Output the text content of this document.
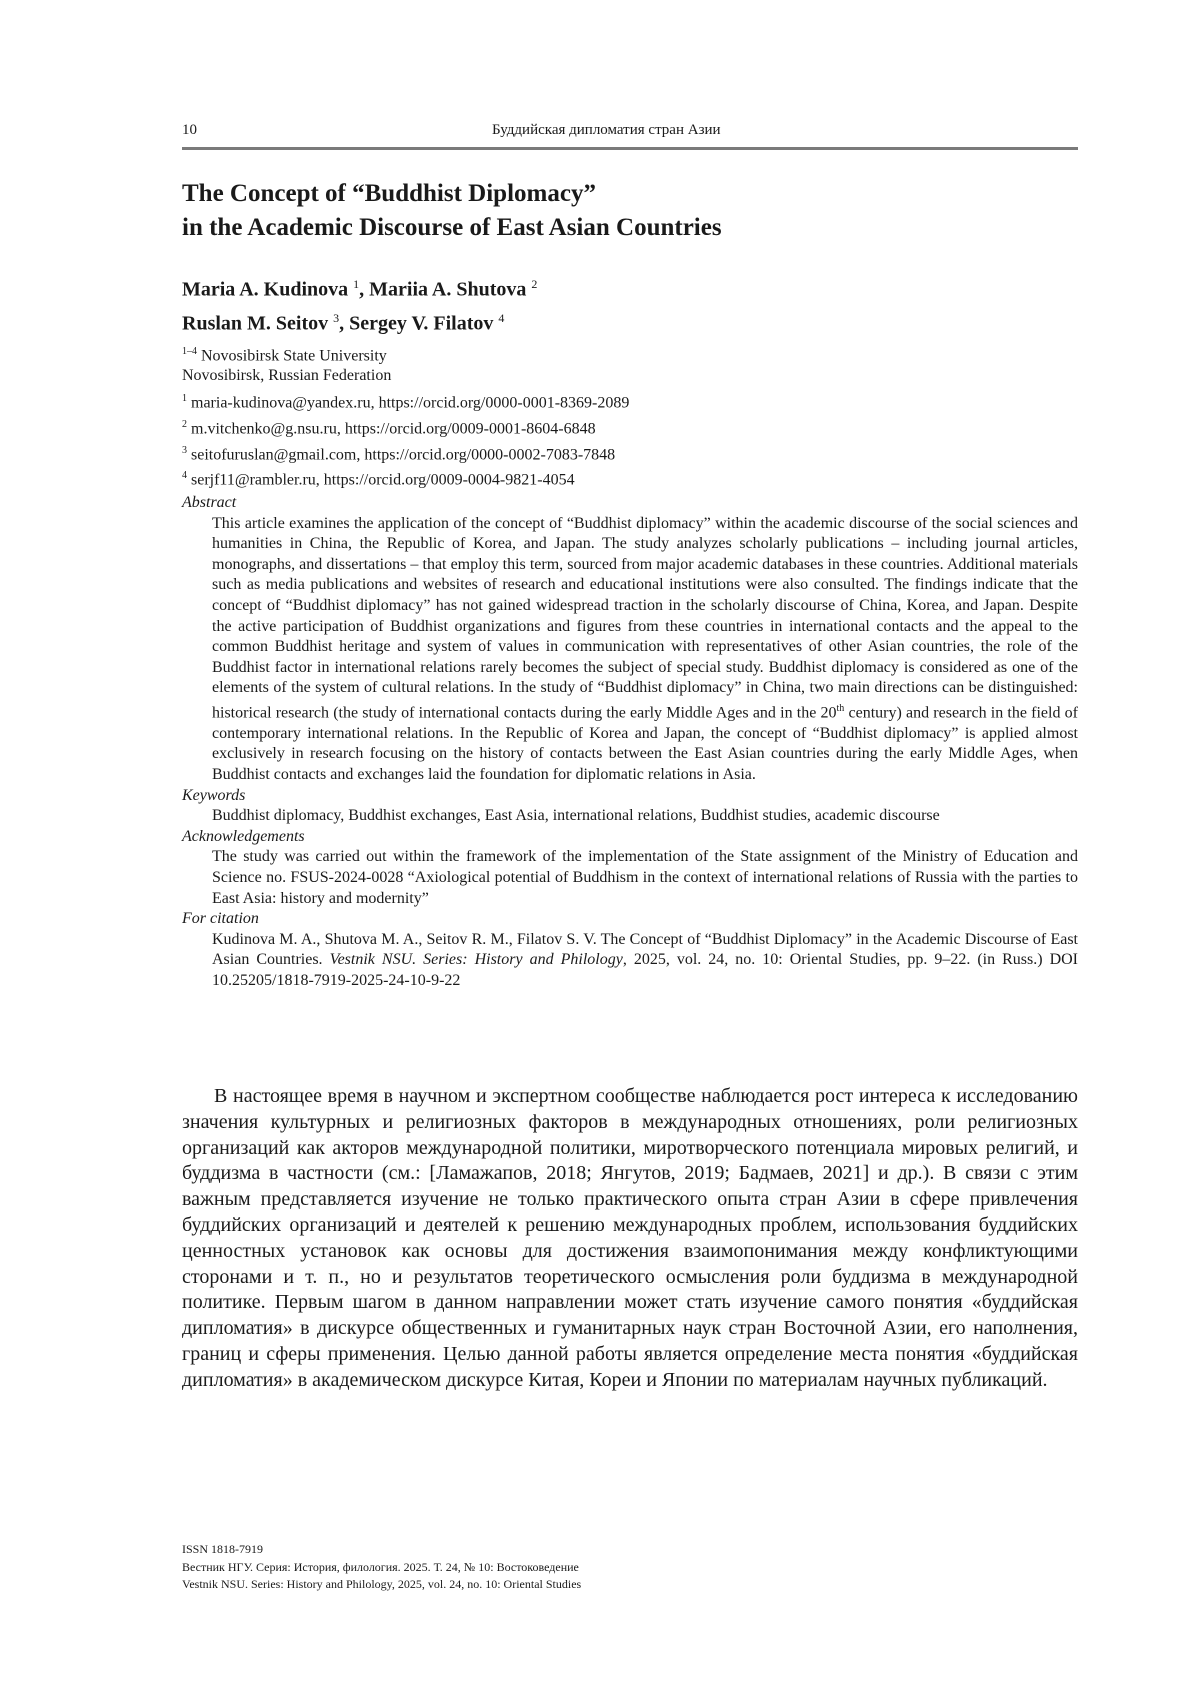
10	Буддийская дипломатия стран Азии
The Concept of “Buddhist Diplomacy”
in the Academic Discourse of East Asian Countries
Maria A. Kudinova $^1$, Mariia A. Shutova $^2$
Ruslan M. Seitov $^3$, Sergey V. Filatov $^4$
$^{1-4}$ Novosibirsk State University
Novosibirsk, Russian Federation
$^1$ maria-kudinova@yandex.ru, https://orcid.org/0000-0001-8369-2089
$^2$ m.vitchenko@g.nsu.ru, https://orcid.org/0009-0001-8604-6848
$^3$ seitofuruslan@gmail.com, https://orcid.org/0000-0002-7083-7848
$^4$ serjf11@rambler.ru, https://orcid.org/0009-0004-9821-4054
Abstract
This article examines the application of the concept of “Buddhist diplomacy” within the academic discourse of the social sciences and humanities in China, the Republic of Korea, and Japan. The study analyzes scholarly publications – including journal articles, monographs, and dissertations – that employ this term, sourced from major academic databases in these countries. Additional materials such as media publications and websites of research and educational institutions were also consulted. The findings indicate that the concept of “Buddhist diplomacy” has not gained widespread traction in the scholarly discourse of China, Korea, and Japan. Despite the active participation of Buddhist organizations and figures from these countries in international contacts and the appeal to the common Buddhist heritage and system of values in communication with representatives of other Asian countries, the role of the Buddhist factor in international relations rarely becomes the subject of special study. Buddhist diplomacy is considered as one of the elements of the system of cultural relations. In the study of “Buddhist diplomacy” in China, two main directions can be distinguished: historical research (the study of international contacts during the early Middle Ages and in the 20th century) and research in the field of contemporary international relations. In the Republic of Korea and Japan, the concept of “Buddhist diplomacy” is applied almost exclusively in research focusing on the history of contacts between the East Asian countries during the early Middle Ages, when Buddhist contacts and exchanges laid the foundation for diplomatic relations in Asia.
Keywords
Buddhist diplomacy, Buddhist exchanges, East Asia, international relations, Buddhist studies, academic discourse
Acknowledgements
The study was carried out within the framework of the implementation of the State assignment of the Ministry of Education and Science no. FSUS-2024-0028 “Axiological potential of Buddhism in the context of international relations of Russia with the parties to East Asia: history and modernity”
For citation
Kudinova M. A., Shutova M. A., Seitov R. M., Filatov S. V. The Concept of “Buddhist Diplomacy” in the Academic Discourse of East Asian Countries. Vestnik NSU. Series: History and Philology, 2025, vol. 24, no. 10: Oriental Studies, pp. 9–22. (in Russ.) DOI 10.25205/1818-7919-2025-24-10-9-22

В настоящее время в научном и экспертном сообществе наблюдается рост интереса к исследованию значения культурных и религиозных факторов в международных отношениях, роли религиозных организаций как акторов международной политики, миротворческого потенциала мировых религий, и буддизма в частности (см.: [Ламажапов, 2018; Янгутов, 2019; Бадмаев, 2021] и др.). В связи с этим важным представляется изучение не только практического опыта стран Азии в сфере привлечения буддийских организаций и деятелей к решению международных проблем, использования буддийских ценностных установок как основы для достижения взаимопонимания между конфликтующими сторонами и т. п., но и результатов теоретического осмысления роли буддизма в международной политике. Первым шагом в данном направлении может стать изучение самого понятия «буддийская дипломатия» в дискурсе общественных и гуманитарных наук стран Восточной Азии, его наполнения, границ и сферы применения. Целью данной работы является определение места понятия «буддийская дипломатия» в академическом дискурсе Китая, Кореи и Японии по материалам научных публикаций.

ISSN 1818-7919
Вестник НГУ. Серия: История, филология. 2025. Т. 24, № 10: Востоковедение
Vestnik NSU. Series: History and Philology, 2025, vol. 24, no. 10: Oriental Studies
